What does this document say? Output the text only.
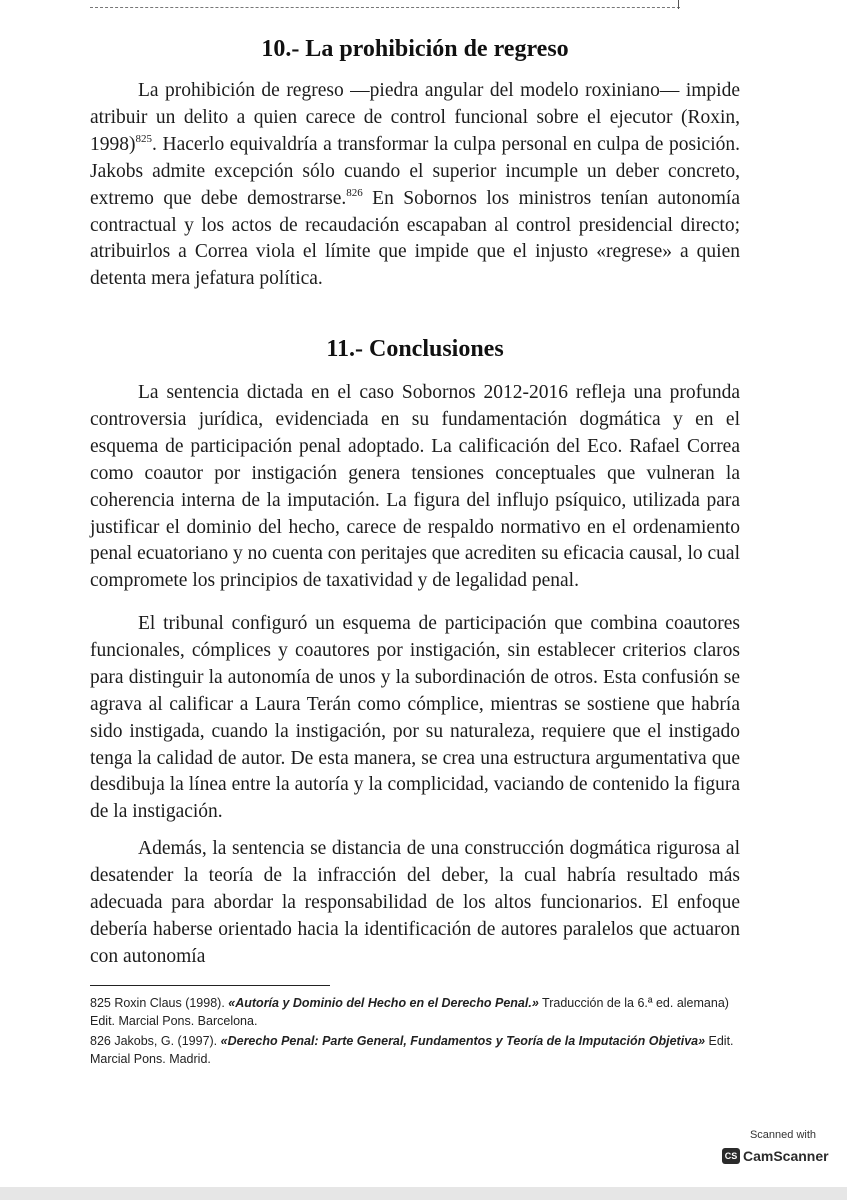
10.- La prohibición de regreso

La prohibición de regreso —piedra angular del modelo roxiniano— impide atribuir un delito a quien carece de control funcional sobre el ejecutor (Roxin, 1998)$^{825}$. Hacerlo equivaldría a transformar la culpa personal en culpa de posición. Jakobs admite excepción sólo cuando el superior incumple un deber concreto, extremo que debe demostrarse.$^{826}$ En Sobornos los ministros tenían autonomía contractual y los actos de recaudación escapaban al control presidencial directo; atribuirlos a Correa viola el límite que impide que el injusto «regrese» a quien detenta mera jefatura política.

11.- Conclusiones

La sentencia dictada en el caso Sobornos 2012-2016 refleja una profunda controversia jurídica, evidenciada en su fundamentación dogmática y en el esquema de participación penal adoptado. La calificación del Eco. Rafael Correa como coautor por instigación genera tensiones conceptuales que vulneran la coherencia interna de la imputación. La figura del influjo psíquico, utilizada para justificar el dominio del hecho, carece de respaldo normativo en el ordenamiento penal ecuatoriano y no cuenta con peritajes que acrediten su eficacia causal, lo cual compromete los principios de taxatividad y de legalidad penal.

El tribunal configuró un esquema de participación que combina coautores funcionales, cómplices y coautores por instigación, sin establecer criterios claros para distinguir la autonomía de unos y la subordinación de otros. Esta confusión se agrava al calificar a Laura Terán como cómplice, mientras se sostiene que habría sido instigada, cuando la instigación, por su naturaleza, requiere que el instigado tenga la calidad de autor. De esta manera, se crea una estructura argumentativa que desdibuja la línea entre la autoría y la complicidad, vaciando de contenido la figura de la instigación.

Además, la sentencia se distancia de una construcción dogmática rigurosa al desatender la teoría de la infracción del deber, la cual habría resultado más adecuada para abordar la responsabilidad de los altos funcionarios. El enfoque debería haberse orientado hacia la identificación de autores paralelos que actuaron con autonomía

825 Roxin Claus (1998). «Autoría y Dominio del Hecho en el Derecho Penal.» Traducción de la 6.ª ed. alemana) Edit. Marcial Pons. Barcelona.

826 Jakobs, G. (1997). «Derecho Penal: Parte General, Fundamentos y Teoría de la Imputación Objetiva» Edit. Marcial Pons. Madrid.

Scanned with
CS CamScanner
